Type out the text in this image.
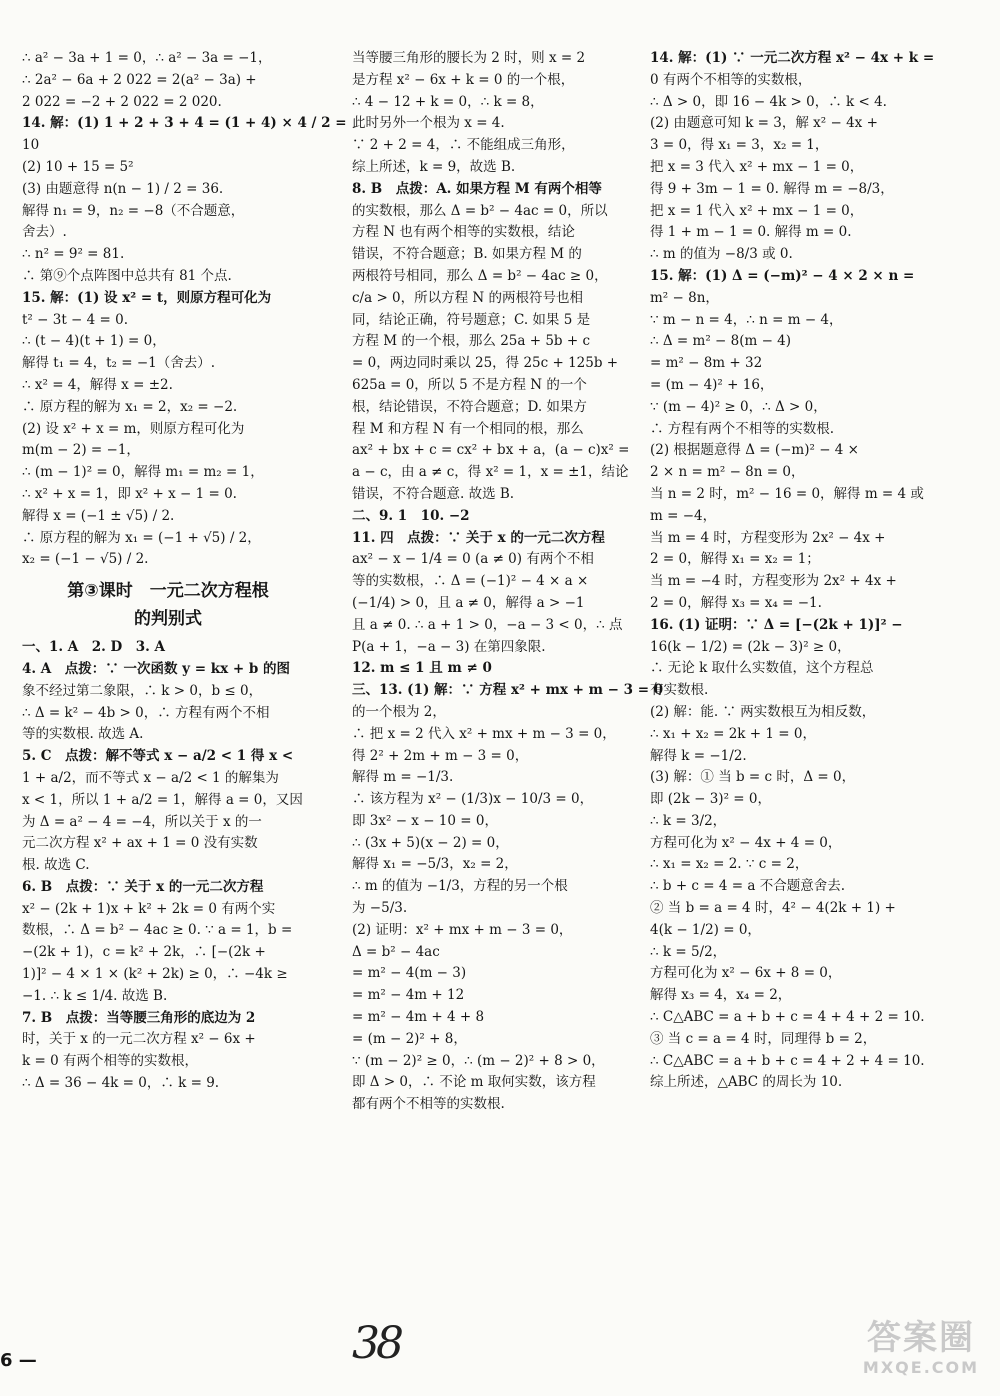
∴ a² − 3a + 1 = 0，∴ a² − 3a = −1，
∴ 2a² − 6a + 2 022 = 2(a² − 3a) +
2 022 = −2 + 2 022 = 2 020.
14. 解：(1) 1 + 2 + 3 + 4 = (1 + 4) × 4 / 2 =
10
(2) 10 + 15 = 5²
(3) 由题意得 n(n − 1) / 2 = 36.
解得 n₁ = 9，n₂ = −8（不合题意，
舍去）.
∴ n² = 9² = 81.
∴ 第⑨个点阵图中总共有 81 个点.
15. 解：(1) 设 x² = t，则原方程可化为
t² − 3t − 4 = 0.
∴ (t − 4)(t + 1) = 0，
解得 t₁ = 4，t₂ = −1（舍去）.
∴ x² = 4，解得 x = ±2.
∴ 原方程的解为 x₁ = 2，x₂ = −2.
(2) 设 x² + x = m，则原方程可化为
m(m − 2) = −1，
∴ (m − 1)² = 0，解得 m₁ = m₂ = 1，
∴ x² + x = 1，即 x² + x − 1 = 0.
解得 x = (−1 ± √5) / 2.
∴ 原方程的解为 x₁ = (−1 + √5) / 2，
x₂ = (−1 − √5) / 2.
第③课时　一元二次方程根
的判别式
一、1. A　2. D　3. A
4. A　点拨：∵ 一次函数 y = kx + b 的图
象不经过第二象限，∴ k > 0，b ≤ 0，
∴ Δ = k² − 4b > 0，∴ 方程有两个不相
等的实数根. 故选 A.
5. C　点拨：解不等式 x − a/2 < 1 得 x <
1 + a/2，而不等式 x − a/2 < 1 的解集为
x < 1，所以 1 + a/2 = 1，解得 a = 0，又因
为 Δ = a² − 4 = −4，所以关于 x 的一
元二次方程 x² + ax + 1 = 0 没有实数
根. 故选 C.
6. B　点拨：∵ 关于 x 的一元二次方程
x² − (2k + 1)x + k² + 2k = 0 有两个实
数根，∴ Δ = b² − 4ac ≥ 0. ∵ a = 1，b =
−(2k + 1)，c = k² + 2k，∴ [−(2k +
1)]² − 4 × 1 × (k² + 2k) ≥ 0，∴ −4k ≥
−1. ∴ k ≤ 1/4. 故选 B.
7. B　点拨：当等腰三角形的底边为 2
时，关于 x 的一元二次方程 x² − 6x +
k = 0 有两个相等的实数根，
∴ Δ = 36 − 4k = 0，∴ k = 9.
当等腰三角形的腰长为 2 时，则 x = 2
是方程 x² − 6x + k = 0 的一个根，
∴ 4 − 12 + k = 0，∴ k = 8，
此时另外一个根为 x = 4.
∵ 2 + 2 = 4，∴ 不能组成三角形，
综上所述，k = 9，故选 B.
8. B　点拨：A. 如果方程 M 有两个相等
的实数根，那么 Δ = b² − 4ac = 0，所以
方程 N 也有两个相等的实数根，结论
错误，不符合题意；B. 如果方程 M 的
两根符号相同，那么 Δ = b² − 4ac ≥ 0，
c/a > 0，所以方程 N 的两根符号也相
同，结论正确，符号题意；C. 如果 5 是
方程 M 的一个根，那么 25a + 5b + c
= 0，两边同时乘以 25，得 25c + 125b +
625a = 0，所以 5 不是方程 N 的一个
根，结论错误，不符合题意；D. 如果方
程 M 和方程 N 有一个相同的根，那么
ax² + bx + c = cx² + bx + a，(a − c)x² =
a − c，由 a ≠ c，得 x² = 1，x = ±1，结论
错误，不符合题意. 故选 B.
二、9. 1　10. −2
11. 四　点拨：∵ 关于 x 的一元二次方程
ax² − x − 1/4 = 0 (a ≠ 0) 有两个不相
等的实数根，∴ Δ = (−1)² − 4 × a ×
(−1/4) > 0，且 a ≠ 0，解得 a > −1
且 a ≠ 0. ∴ a + 1 > 0，−a − 3 < 0，∴ 点
P(a + 1，−a − 3) 在第四象限.
12. m ≤ 1 且 m ≠ 0
三、13. (1) 解：∵ 方程 x² + mx + m − 3 = 0
的一个根为 2，
∴ 把 x = 2 代入 x² + mx + m − 3 = 0，
得 2² + 2m + m − 3 = 0，
解得 m = −1/3.
∴ 该方程为 x² − (1/3)x − 10/3 = 0，
即 3x² − x − 10 = 0，
∴ (3x + 5)(x − 2) = 0，
解得 x₁ = −5/3，x₂ = 2，
∴ m 的值为 −1/3，方程的另一个根
为 −5/3.
(2) 证明：x² + mx + m − 3 = 0，
Δ = b² − 4ac
= m² − 4(m − 3)
= m² − 4m + 12
= m² − 4m + 4 + 8
= (m − 2)² + 8，
∵ (m − 2)² ≥ 0，∴ (m − 2)² + 8 > 0，
即 Δ > 0，∴ 不论 m 取何实数，该方程
都有两个不相等的实数根.
14. 解：(1) ∵ 一元二次方程 x² − 4x + k =
0 有两个不相等的实数根，
∴ Δ > 0，即 16 − 4k > 0，∴ k < 4.
(2) 由题意可知 k = 3，解 x² − 4x +
3 = 0，得 x₁ = 3，x₂ = 1，
把 x = 3 代入 x² + mx − 1 = 0，
得 9 + 3m − 1 = 0. 解得 m = −8/3，
把 x = 1 代入 x² + mx − 1 = 0，
得 1 + m − 1 = 0. 解得 m = 0.
∴ m 的值为 −8/3 或 0.
15. 解：(1) Δ = (−m)² − 4 × 2 × n =
m² − 8n，
∵ m − n = 4，∴ n = m − 4，
∴ Δ = m² − 8(m − 4)
= m² − 8m + 32
= (m − 4)² + 16，
∵ (m − 4)² ≥ 0，∴ Δ > 0，
∴ 方程有两个不相等的实数根.
(2) 根据题意得 Δ = (−m)² − 4 ×
2 × n = m² − 8n = 0，
当 n = 2 时，m² − 16 = 0，解得 m = 4 或
m = −4，
当 m = 4 时，方程变形为 2x² − 4x +
2 = 0，解得 x₁ = x₂ = 1；
当 m = −4 时，方程变形为 2x² + 4x +
2 = 0，解得 x₃ = x₄ = −1.
16. (1) 证明：∵ Δ = [−(2k + 1)]² −
16(k − 1/2) = (2k − 3)² ≥ 0，
∴ 无论 k 取什么实数值，这个方程总
有实数根.
(2) 解：能. ∵ 两实数根互为相反数，
∴ x₁ + x₂ = 2k + 1 = 0，
解得 k = −1/2.
(3) 解：① 当 b = c 时，Δ = 0，
即 (2k − 3)² = 0，
∴ k = 3/2，
方程可化为 x² − 4x + 4 = 0，
∴ x₁ = x₂ = 2. ∵ c = 2，
∴ b + c = 4 = a 不合题意舍去.
② 当 b = a = 4 时，4² − 4(2k + 1) +
4(k − 1/2) = 0，
∴ k = 5/2，
方程可化为 x² − 6x + 8 = 0，
解得 x₃ = 4，x₄ = 2，
∴ C△ABC = a + b + c = 4 + 4 + 2 = 10.
③ 当 c = a = 4 时，同理得 b = 2，
∴ C△ABC = a + b + c = 4 + 2 + 4 = 10.
综上所述，△ABC 的周长为 10.
6 —	38	答案圈
MXQE.COM
